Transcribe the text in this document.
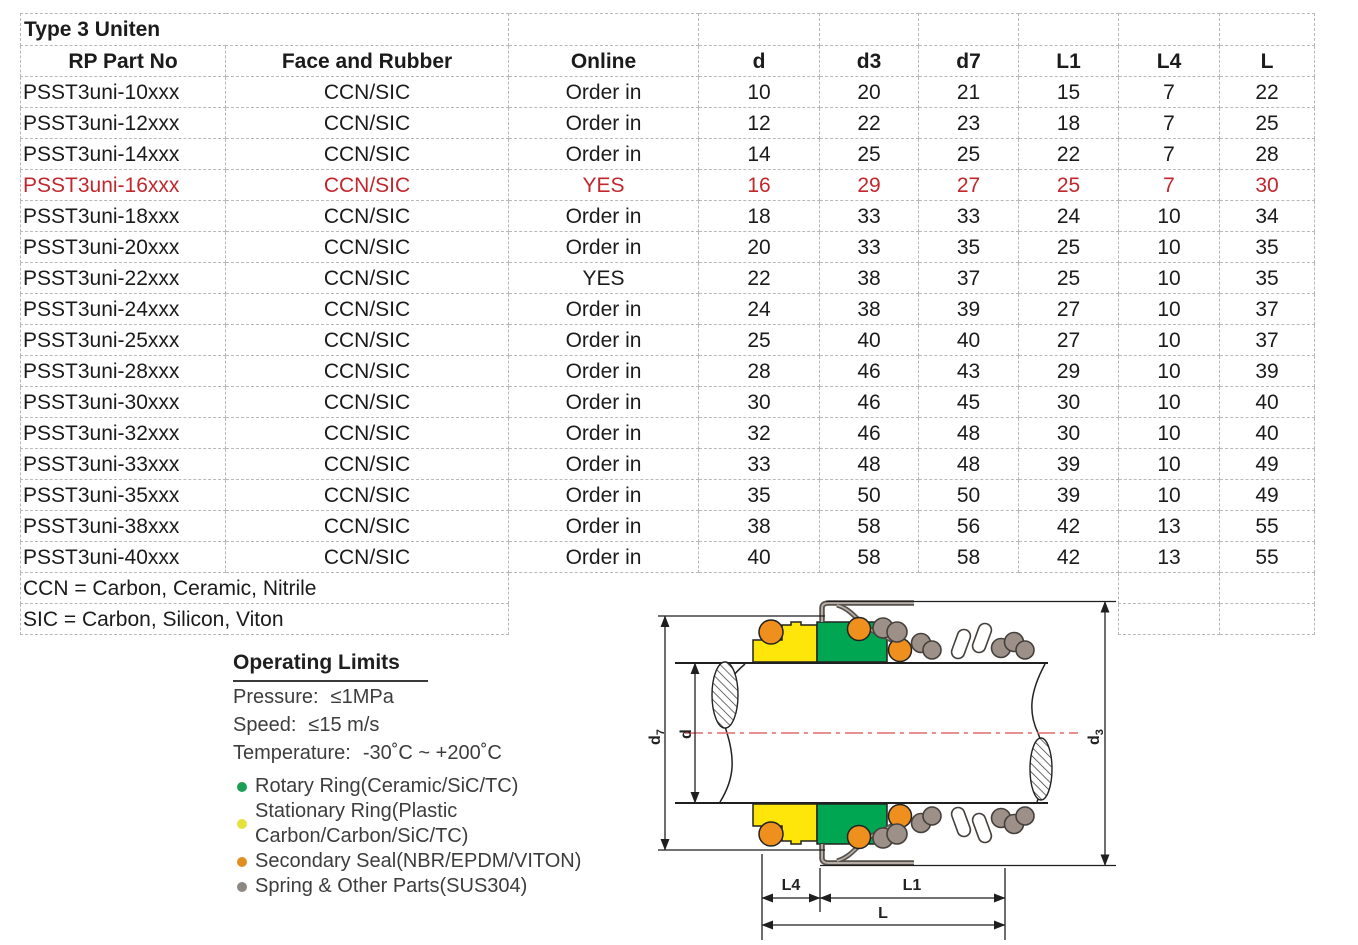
Type 3 Uniten								
RP Part No	Face and Rubber	Online	d	d3	d7	L1	L4	L
PSST3uni-10xxx	CCN/SIC	Order in	10	20	21	15	7	22
PSST3uni-12xxx	CCN/SIC	Order in	12	22	23	18	7	25
PSST3uni-14xxx	CCN/SIC	Order in	14	25	25	22	7	28
PSST3uni-16xxx	CCN/SIC	YES	16	29	27	25	7	30
PSST3uni-18xxx	CCN/SIC	Order in	18	33	33	24	10	34
PSST3uni-20xxx	CCN/SIC	Order in	20	33	35	25	10	35
PSST3uni-22xxx	CCN/SIC	YES	22	38	37	25	10	35
PSST3uni-24xxx	CCN/SIC	Order in	24	38	39	27	10	37
PSST3uni-25xxx	CCN/SIC	Order in	25	40	40	27	10	37
PSST3uni-28xxx	CCN/SIC	Order in	28	46	43	29	10	39
PSST3uni-30xxx	CCN/SIC	Order in	30	46	45	30	10	40
PSST3uni-32xxx	CCN/SIC	Order in	32	46	48	30	10	40
PSST3uni-33xxx	CCN/SIC	Order in	33	48	48	39	10	49
PSST3uni-35xxx	CCN/SIC	Order in	35	50	50	39	10	49
PSST3uni-38xxx	CCN/SIC	Order in	38	58	56	42	13	55
PSST3uni-40xxx	CCN/SIC	Order in	40	58	58	42	13	55
CCN = Carbon, Ceramic, Nitrile								
SIC = Carbon, Silicon, Viton								
Operating Limits
Pressure: ≤1MPa
Speed: ≤15 m/s
Temperature: -30˚C ~ +200˚C
Rotary Ring(Ceramic/SiC/TC)
Stationary Ring(Plastic Carbon/Carbon/SiC/TC)
Secondary Seal(NBR/EPDM/VITON)
Spring & Other Parts(SUS304)
$d_7$ d
$d_3$
L4	L1
L
